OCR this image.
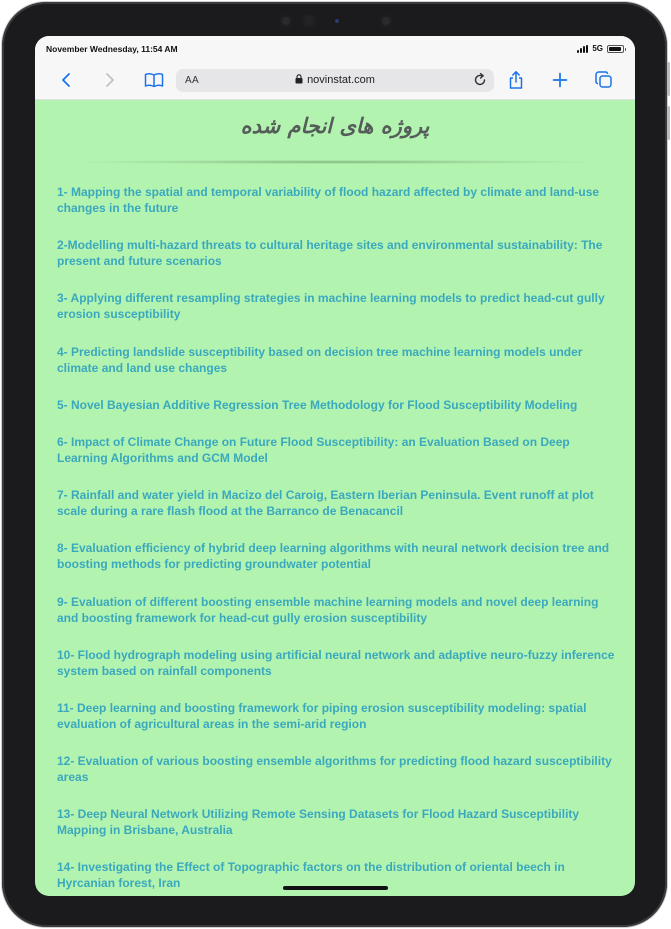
November Wednesday, 11:54 AM	5G
AA	novinstat.com
پروژه های انجام شده
1- Mapping the spatial and temporal variability of flood hazard affected by climate and land-use changes in the future
2-Modelling multi-hazard threats to cultural heritage sites and environmental sustainability: The present and future scenarios
3- Applying different resampling strategies in machine learning models to predict head-cut gully erosion susceptibility
4- Predicting landslide susceptibility based on decision tree machine learning models under climate and land use changes
5- Novel Bayesian Additive Regression Tree Methodology for Flood Susceptibility Modeling
6- Impact of Climate Change on Future Flood Susceptibility: an Evaluation Based on Deep Learning Algorithms and GCM Model
7- Rainfall and water yield in Macizo del Caroig, Eastern Iberian Peninsula. Event runoff at plot scale during a rare flash flood at the Barranco de Benacancil
8- Evaluation efficiency of hybrid deep learning algorithms with neural network decision tree and boosting methods for predicting groundwater potential
9- Evaluation of different boosting ensemble machine learning models and novel deep learning and boosting framework for head-cut gully erosion susceptibility
10- Flood hydrograph modeling using artificial neural network and adaptive neuro-fuzzy inference system based on rainfall components
11- Deep learning and boosting framework for piping erosion susceptibility modeling: spatial evaluation of agricultural areas in the semi-arid region
12- Evaluation of various boosting ensemble algorithms for predicting flood hazard susceptibility areas
13- Deep Neural Network Utilizing Remote Sensing Datasets for Flood Hazard Susceptibility Mapping in Brisbane, Australia
14- Investigating the Effect of Topographic factors on the distribution of oriental beech in Hyrcanian forest, Iran
